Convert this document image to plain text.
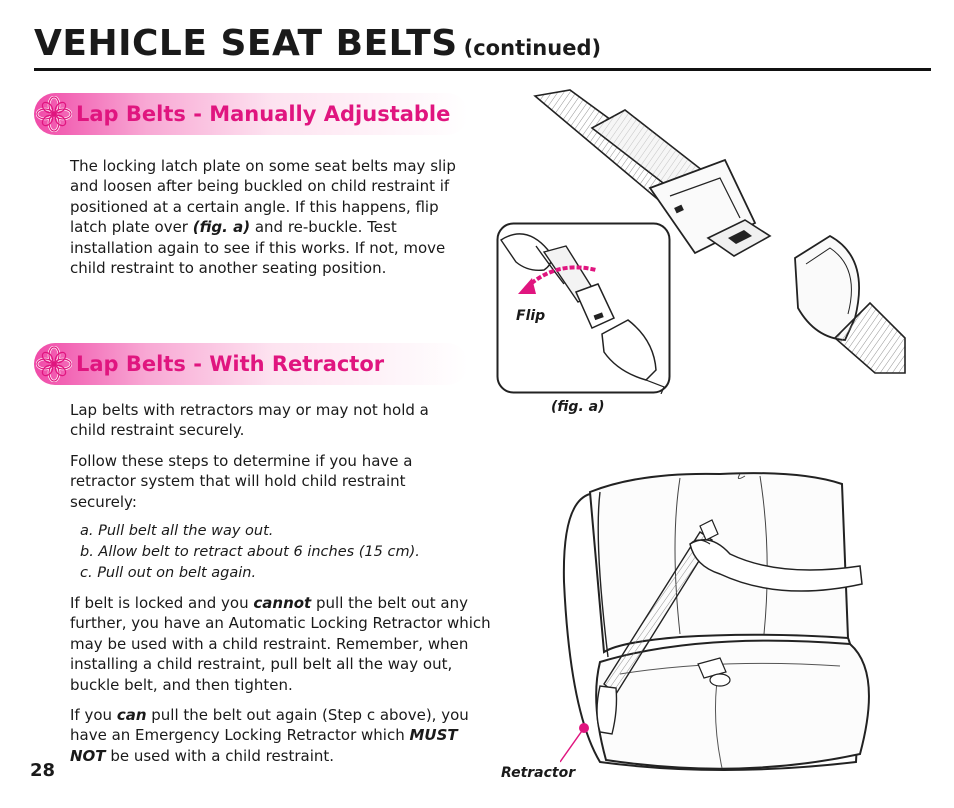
VEHICLE SEAT BELTS (continued)
Lap Belts - Manually Adjustable

The locking latch plate on some seat belts may slip and loosen after being buckled on child restraint if positioned at a certain angle. If this happens, flip latch plate over (fig. a) and re-buckle. Test installation again to see if this works. If not, move child restraint to another seating position.

Lap Belts - With Retractor

Lap belts with retractors may or may not hold a child restraint securely.

Follow these steps to determine if you have a retractor system that will hold child restraint securely:

a. Pull belt all the way out.
b. Allow belt to retract about 6 inches (15 cm).
c. Pull out on belt again.

If belt is locked and you cannot pull the belt out any further, you have an Automatic Locking Retractor which may be used with a child restraint. Remember, when installing a child restraint, pull belt all the way out, buckle belt, and then tighten.

If you can pull the belt out again (Step c above), you have an Emergency Locking Retractor which MUST NOT be used with a child restraint.

28
Flip
(fig. a)
Retractor
